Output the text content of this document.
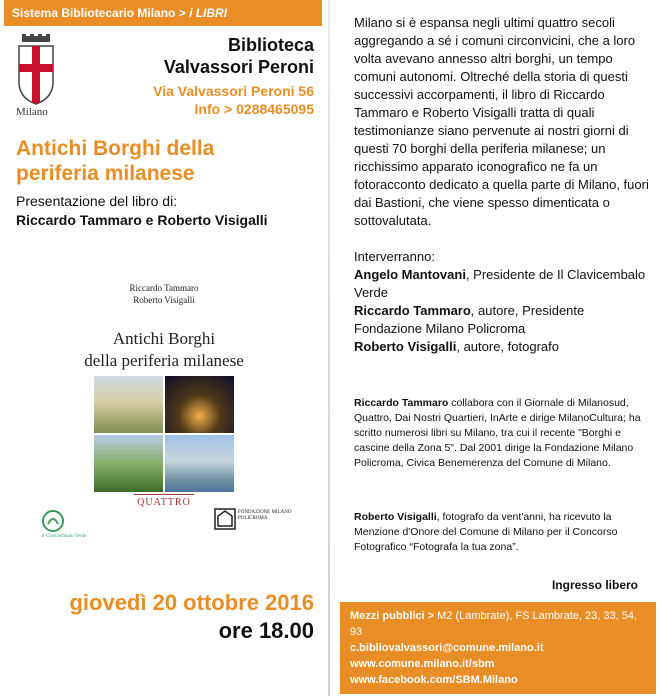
Sistema Bibliotecario Milano > i LIBRI
Milano
Biblioteca
Valvassori Peroni
Via Valvassori Peroni 56
Info > 0288465095
Antichi Borghi della
periferia milanese
Presentazione del libro di:
Riccardo Tammaro e Roberto Visigalli
Riccardo Tammaro
Roberto Visigalli
Antichi Borghi
della periferia milanese
QUATTRO
il Clavicembalo Verde
FONDAZIONE MILANO POLICROMA
giovedì 20 ottobre 2016
ore 18.00
Milano si è espansa negli ultimi quattro secoli aggregando a sé i comuni circonvicini, che a loro volta avevano annesso altri borghi, un tempo comuni autonomi. Oltreché della storia di questi successivi accorpamenti, il libro di Riccardo Tammaro e Roberto Visigalli tratta di quali testimonianze siano pervenute ai nostri giorni di questi 70 borghi della periferia milanese; un ricchissimo apparato iconografico ne fa un fotoracconto dedicato a quella parte di Milano, fuori dai Bastioni, che viene spesso dimenticata o sottovalutata.
Interverranno:
Angelo Mantovani, Presidente de Il Clavicembalo Verde
Riccardo Tammaro, autore, Presidente Fondazione Milano Policroma
Roberto Visigalli, autore, fotografo
Riccardo Tammaro collabora con il Giornale di Milanosud, Quattro, Dai Nostri Quartieri, InArte e dirige MilanoCultura; ha scritto numerosi libri su Milano, tra cui il recente "Borghi e cascine della Zona 5". Dal 2001 dirige la Fondazione Milano Policroma, Civica Benemerenza del Comune di Milano.
Roberto Visigalli, fotografo da vent'anni, ha ricevuto la Menzione d'Onore del Comune di Milano per il Concorso Fotografico “Fotografa la tua zona”.
Ingresso libero
Mezzi pubblici > M2 (Lambrate), FS Lambrate, 23, 33, 54, 93
c.bibliovalvassori@comune.milano.it
www.comune.milano.it/sbm
www.facebook.com/SBM.Milano
